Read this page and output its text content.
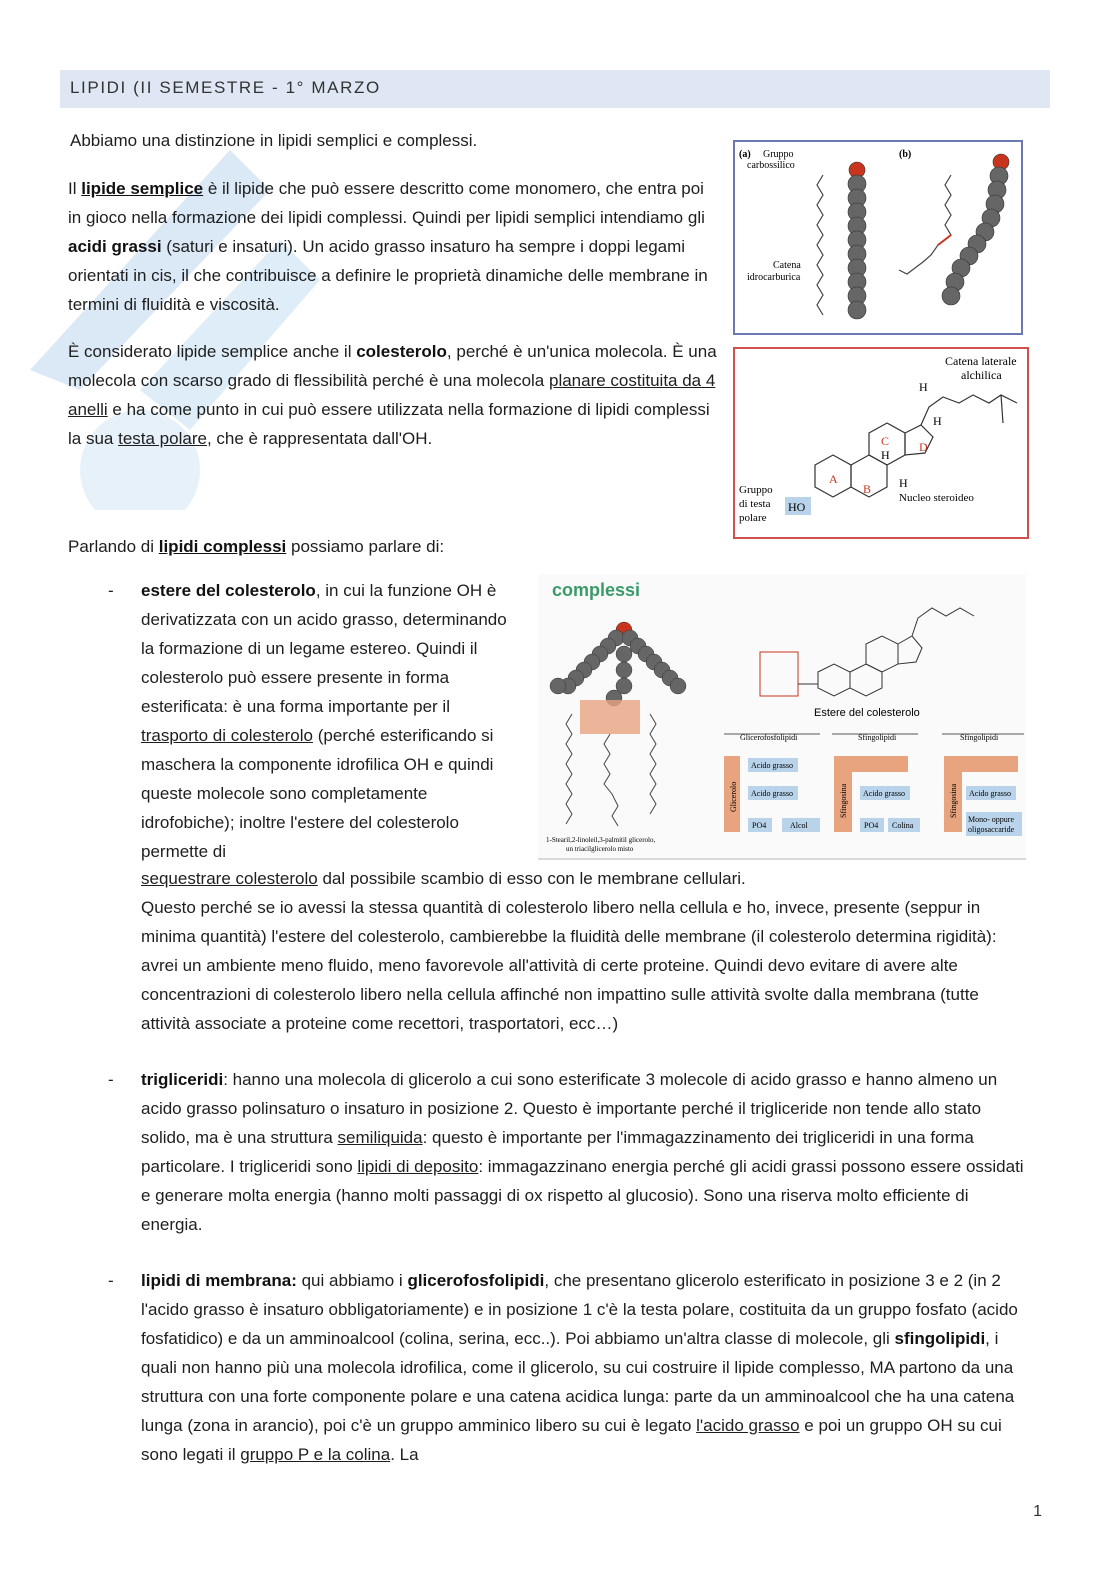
LIPIDI (II SEMESTRE - 1° MARZO
Abbiamo una distinzione in lipidi semplici e complessi.
Il lipide semplice è il lipide che può essere descritto come monomero, che entra poi in gioco nella formazione dei lipidi complessi. Quindi per lipidi semplici intendiamo gli acidi grassi (saturi e insaturi). Un acido grasso insaturo ha sempre i doppi legami orientati in cis, il che contribuisce a definire le proprietà dinamiche delle membrane in termini di fluidità e viscosità.
È considerato lipide semplice anche il colesterolo, perché è un'unica molecola. È una molecola con scarso grado di flessibilità perché è una molecola planare costituita da 4 anelli e ha come punto in cui può essere utilizzata nella formazione di lipidi complessi la sua testa polare, che è rappresentata dall'OH.
Parlando di lipidi complessi possiamo parlare di:
- estere del colesterolo, in cui la funzione OH è derivatizzata con un acido grasso, determinando la formazione di un legame estereo. Quindi il colesterolo può essere presente in forma esterificata: è una forma importante per il trasporto di colesterolo (perché esterificando si maschera la componente idrofilica OH e quindi queste molecole sono completamente idrofobiche); inoltre l'estere del colesterolo permette di
sequestrare colesterolo dal possibile scambio di esso con le membrane cellulari.
Questo perché se io avessi la stessa quantità di colesterolo libero nella cellula e ho, invece, presente (seppur in minima quantità) l'estere del colesterolo, cambierebbe la fluidità delle membrane (il colesterolo determina rigidità): avrei un ambiente meno fluido, meno favorevole all'attività di certe proteine. Quindi devo evitare di avere alte concentrazioni di colesterolo libero nella cellula affinché non impattino sulle attività svolte dalla membrana (tutte attività associate a proteine come recettori, trasportatori, ecc…)
- trigliceridi: hanno una molecola di glicerolo a cui sono esterificate 3 molecole di acido grasso e hanno almeno un acido grasso polinsaturo o insaturo in posizione 2. Questo è importante perché il trigliceride non tende allo stato solido, ma è una struttura semiliquida: questo è importante per l'immagazzinamento dei trigliceridi in una forma particolare. I trigliceridi sono lipidi di deposito: immagazzinano energia perché gli acidi grassi possono essere ossidati e generare molta energia (hanno molti passaggi di ox rispetto al glucosio). Sono una riserva molto efficiente di energia.
- lipidi di membrana: qui abbiamo i glicerofosfolipidi, che presentano glicerolo esterificato in posizione 3 e 2 (in 2 l'acido grasso è insaturo obbligatoriamente) e in posizione 1 c'è la testa polare, costituita da un gruppo fosfato (acido fosfatidico) e da un amminoalcool (colina, serina, ecc..). Poi abbiamo un'altra classe di molecole, gli sfingolipidi, i quali non hanno più una molecola idrofilica, come il glicerolo, su cui costruire il lipide complesso, MA partono da una struttura con una forte componente polare e una catena acidica lunga: parte da un amminoalcool che ha una catena lunga (zona in arancio), poi c'è un gruppo amminico libero su cui è legato l'acido grasso e poi un gruppo OH su cui sono legati il gruppo P e la colina. La
(a) Gruppo
carbossilico
Catena
idrocarburica
(b)
Catena laterale
alchilica
A
B
C D
H
H
H
H
HO
Gruppo
di testa
polare
Nucleo steroideo
complessi
1-Stearil,2-linoleil,3-palmitil glicerolo,
un triacilglicerolo misto
Estere del colesterolo
Glicerofosfolipidi	Sfingolipidi	Sfingolipidi
Glicerolo
Acido grasso
Acido grasso
PO4	Alcol
Sfingosina Acido grasso
PO4 Colina
Sfingosina Acido grasso
Mono- oppure
oligosaccaride
1
